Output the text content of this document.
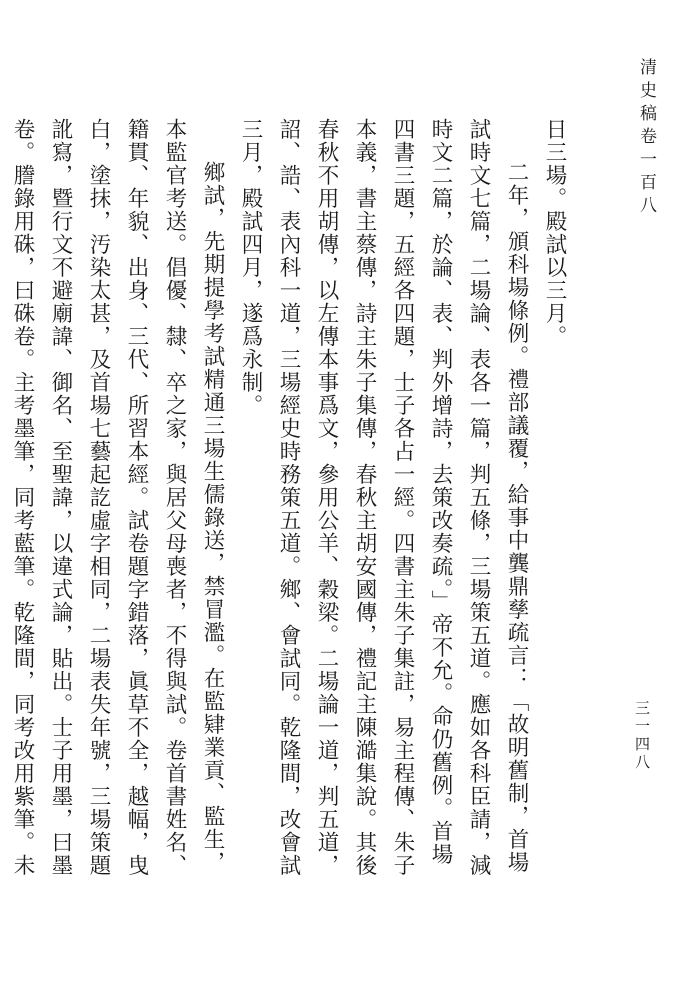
清史稿卷一百八

日三場。殿試以三月。

二年，頒科場條例。禮部議覆，給事中龔鼎孳疏言：「故明舊制，首場試時文七篇，二場論、表各一篇，判五條，三場策五道。應如各科臣請，減時文二篇，於論、表、判外增詩，去策改奏疏。」帝不允。命仍舊例。首場四書三題，五經各四題，士子各占一經。四書主朱子集註，易主程傳、朱子本義，書主蔡傳，詩主朱子集傳，春秋主胡安國傳，禮記主陳澔集說。其後春秋不用胡傳，以左傳本事爲文，參用公羊、穀梁。二場論一道，判五道，詔、誥、表內科一道，三場經史時務策五道。鄉、會試同。乾隆間，改會試三月，殿試四月，遂爲永制。

鄉試，先期提學考試精通三場生儒錄送，禁冒濫。在監肄業貢、監生，本監官考送。倡優、隸、卒之家，與居父母喪者，不得與試。卷首書姓名、籍貫、年貌、出身、三代、所習本經。試卷題字錯落，眞草不全，越幅，曳白，塗抹，汚染太甚，及首場七藝起訖虛字相同，二場表失年號，三場策題訛寫，暨行文不避廟諱、御名、至聖諱，以違式論，貼出。士子用墨，曰墨卷。謄錄用硃，曰硃卷。主考墨筆，同考藍筆。乾隆間，同考改用紫筆。未

三一四八
